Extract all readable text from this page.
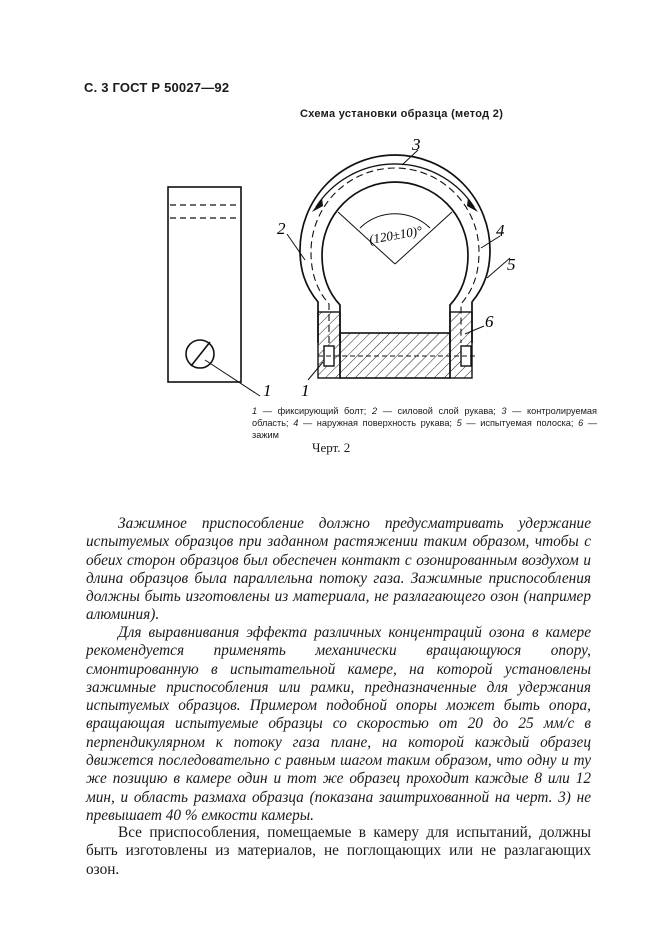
С. 3 ГОСТ Р 50027—92
Схема установки образца (метод 2)
(120±10)°
1 1
2
3
4
5
6
1 — фиксирующий болт; 2 — силовой слой рукава; 3 — контролируемая область; 4 — наружная поверхность рукава; 5 — испытуемая полоска; 6 — зажим
Черт. 2

Зажимное приспособление должно предусматривать удержание испытуемых образцов при заданном растяжении таким образом, чтобы с обеих сторон образцов был обеспечен контакт с озонированным воздухом и длина образцов была параллельна потоку газа. Зажимные приспособления должны быть изготовлены из материала, не разлагающего озон (например алюминия).

Для выравнивания эффекта различных концентраций озона в камере рекомендуется применять механически вращающуюся опору, смонтированную в испытательной камере, на которой установлены зажимные приспособления или рамки, предназначенные для удержания испытуемых образцов. Примером подобной опоры может быть опора, вращающая испытуемые образцы со скоростью от 20 до 25 мм/с в перпендикулярном к потоку газа плане, на которой каждый образец движется последовательно с равным шагом таким образом, что одну и ту же позицию в камере один и тот же образец проходит каждые 8 или 12 мин, и область размаха образца (показана заштрихованной на черт. 3) не превышает 40 % емкости камеры.

Все приспособления, помещаемые в камеру для испытаний, должны быть изготовлены из материалов, не поглощающих или не разлагающих озон.
